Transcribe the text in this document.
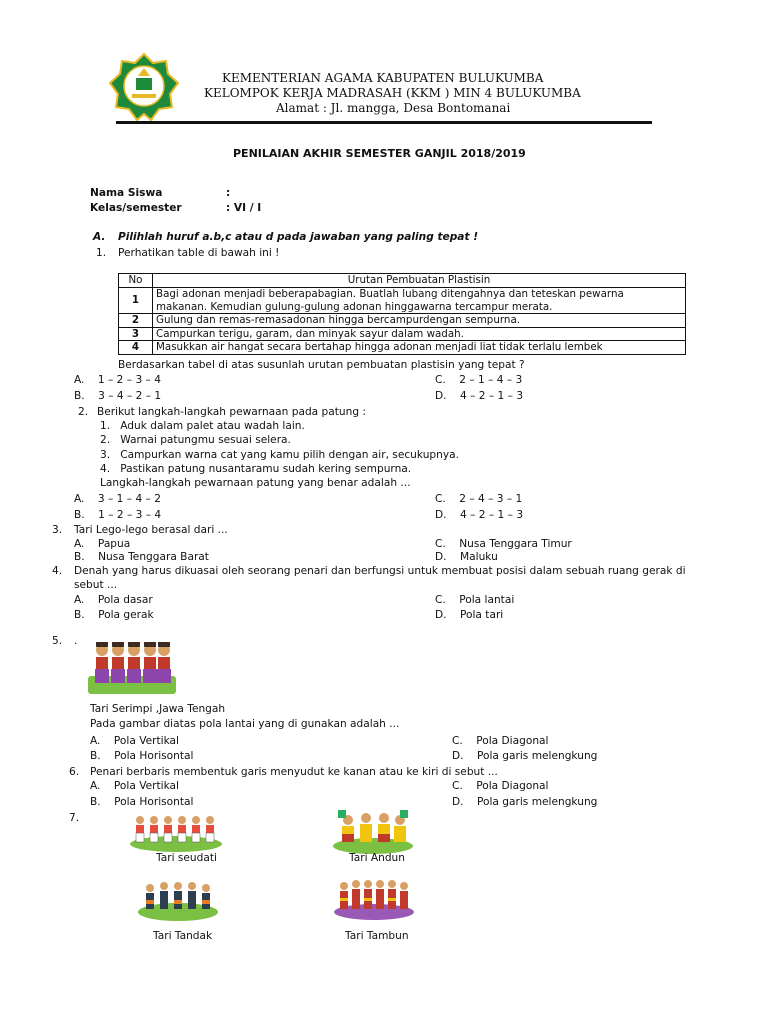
KEMENTERIAN AGAMA KABUPATEN BULUKUMBA
KELOMPOK KERJA MADRASAH (KKM ) MIN 4 BULUKUMBA
Alamat : Jl. mangga, Desa Bontomanai
PENILAIAN AKHIR SEMESTER GANJIL 2018/2019
Nama Siswa	:
Kelas/semester	: VI / I
A. Pilihlah huruf a.b,c atau d pada jawaban yang paling tepat !
1. Perhatikan table di bawah ini !
No	Urutan Pembuatan Plastisin
1	Bagi adonan menjadi beberapabagian. Buatlah lubang ditengahnya dan teteskan pewarna
makanan. Kemudian gulung-gulung adonan hinggawarna tercampur merata.
2	Gulung dan remas-remasadonan hingga bercampurdengan sempurna.
3	Campurkan terigu, garam, dan minyak sayur dalam wadah.
4	Masukkan air hangat secara bertahap hingga adonan menjadi liat tidak terlalu lembek
Berdasarkan tabel di atas susunlah urutan pembuatan plastisin yang tepat ?
A.    1 – 2 – 3 – 4
B.    3 – 4 – 2 – 1
C.    2 – 1 – 4 – 3
D.    4 – 2 – 1 – 3
2. Berikut langkah-langkah pewarnaan pada patung :
1. Aduk dalam palet atau wadah lain.
2. Warnai patungmu sesuai selera.
3. Campurkan warna cat yang kamu pilih dengan air, secukupnya.
4. Pastikan patung nusantaramu sudah kering sempurna.
Langkah-langkah pewarnaan patung yang benar adalah ...
A.    3 – 1 – 4 – 2
B.    1 – 2 – 3 – 4
C.    2 – 4 – 3 – 1
D.    4 – 2 – 1 – 3
3. Tari Lego-lego berasal dari ...
A.    Papua
B.    Nusa Tenggara Barat
C.    Nusa Tenggara Timur
D.    Maluku
4. Denah yang harus dikuasai oleh seorang penari dan berfungsi untuk membuat posisi dalam sebuah ruang gerak di
sebut ...
A.    Pola dasar
B.    Pola gerak
C.    Pola lantai
D.    Pola tari
5. .
Tari Serimpi ,Jawa Tengah
Pada gambar diatas pola lantai yang di gunakan adalah ...
A.    Pola Vertikal
B.    Pola Horisontal
C.    Pola Diagonal
D.    Pola garis melengkung
6. Penari berbaris membentuk garis menyudut ke kanan atau ke kiri di sebut ...
A.    Pola Vertikal
B.    Pola Horisontal
C.    Pola Diagonal
D.    Pola garis melengkung
7.
Tari seudati	Tari Andun
Tari Tandak	Tari Tambun
